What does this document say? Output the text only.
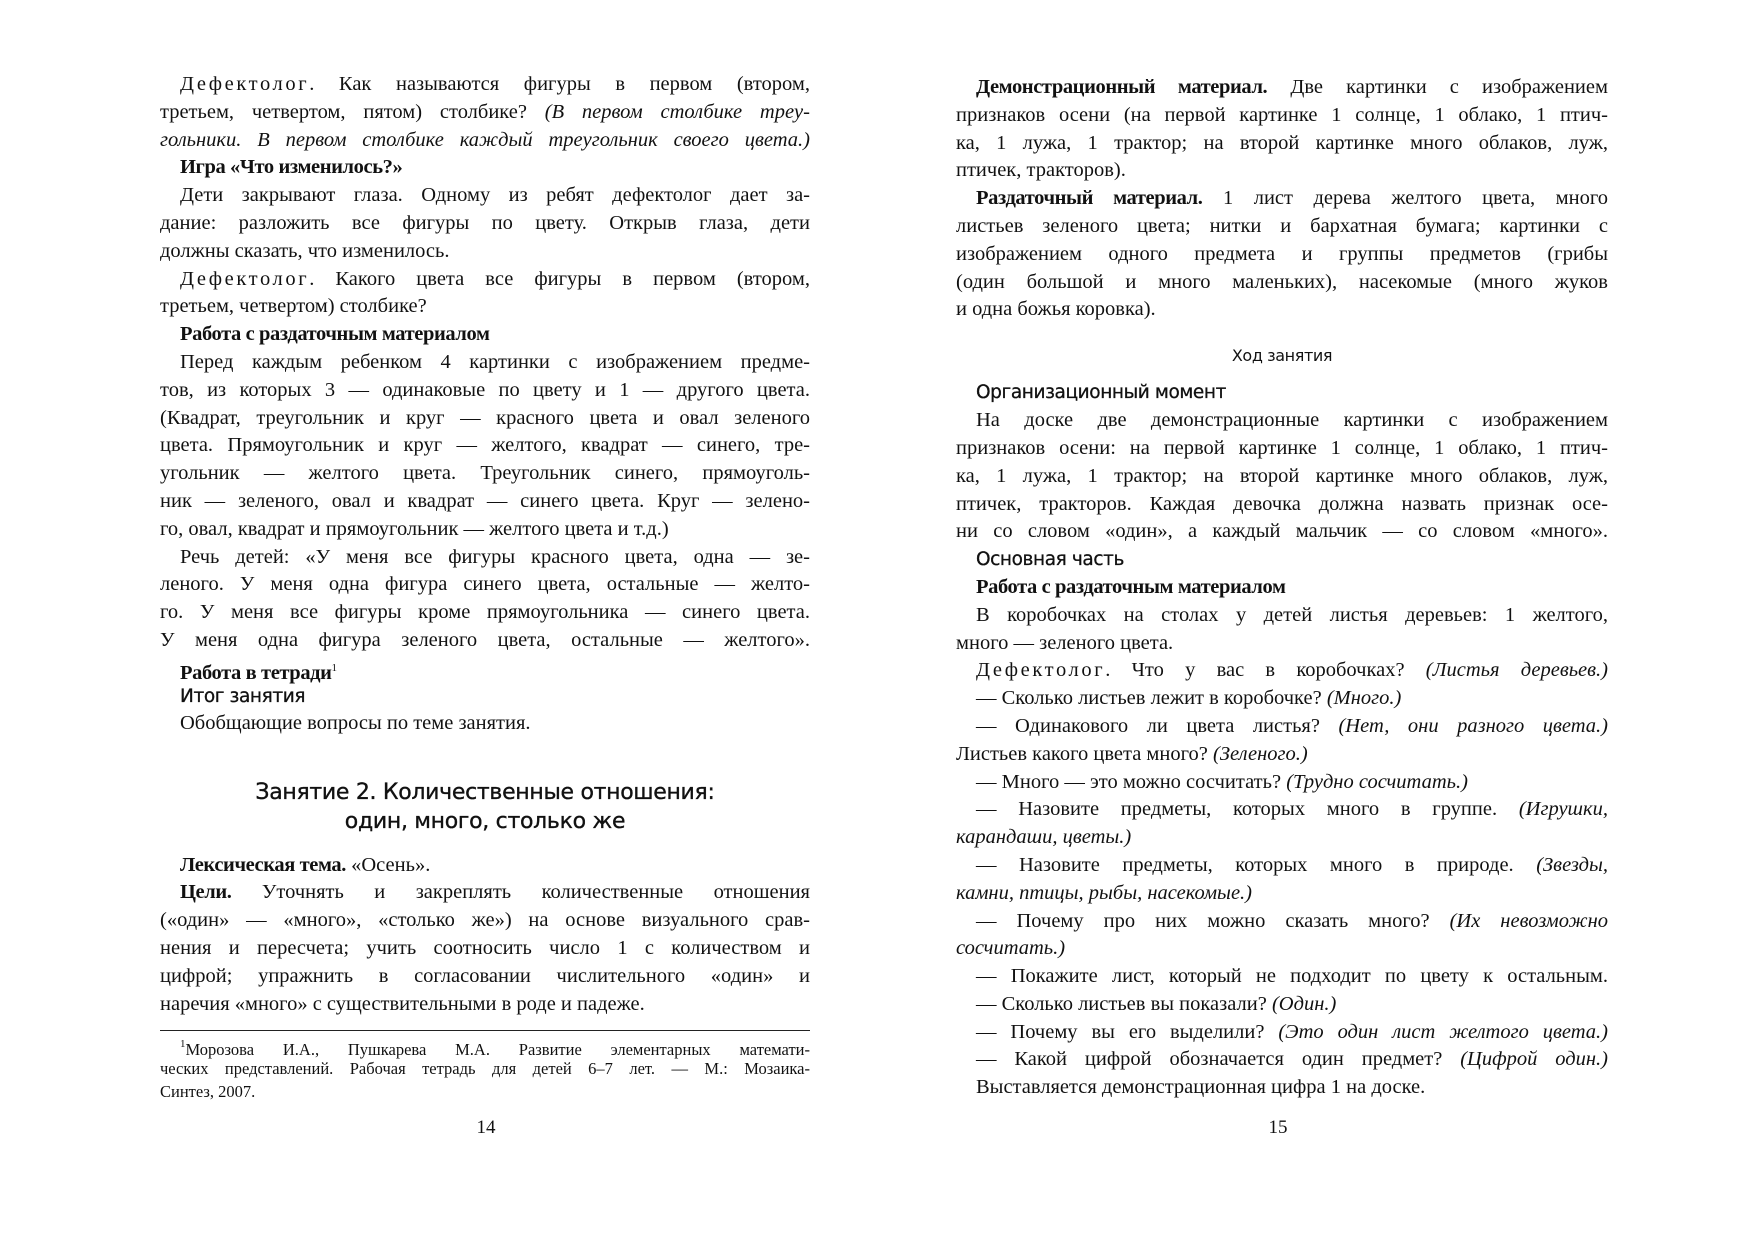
Дефектолог. Как называются фигуры в первом (втором,
третьем, четвертом, пятом) столбике? (В первом столбике треу-
гольники. В первом столбике каждый треугольник своего цвета.)
Игра «Что изменилось?»
Дети закрывают глаза. Одному из ребят дефектолог дает за-
дание: разложить все фигуры по цвету. Открыв глаза, дети
должны сказать, что изменилось.
Дефектолог. Какого цвета все фигуры в первом (втором,
третьем, четвертом) столбике?
Работа с раздаточным материалом
Перед каждым ребенком 4 картинки с изображением предме-
тов, из которых 3 — одинаковые по цвету и 1 — другого цвета.
(Квадрат, треугольник и круг — красного цвета и овал зеленого
цвета. Прямоугольник и круг — желтого, квадрат — синего, тре-
угольник — желтого цвета. Треугольник синего, прямоуголь-
ник — зеленого, овал и квадрат — синего цвета. Круг — зелено-
го, овал, квадрат и прямоугольник — желтого цвета и т.д.)
Речь детей: «У меня все фигуры красного цвета, одна — зе-
леного. У меня одна фигура синего цвета, остальные — желто-
го. У меня все фигуры кроме прямоугольника — синего цвета.
У меня одна фигура зеленого цвета, остальные — желтого».
Работа в тетради$^1$
Итог занятия
Обобщающие вопросы по теме занятия.
Занятие 2. Количественные отношения:
один, много, столько же
Лексическая тема. «Осень».
Цели. Уточнять и закреплять количественные отношения
(«один» — «много», «столько же») на основе визуального срав-
нения и пересчета; учить соотносить число 1 с количеством и
цифрой; упражнить в согласовании числительного «один» и
наречия «много» с существительными в роде и падеже.
$^1$Морозова И.А., Пушкарева М.А. Развитие элементарных математи-
ческих представлений. Рабочая тетрадь для детей 6–7 лет. — М.: Мозаика-
Синтез, 2007.
14
Демонстрационный материал. Две картинки с изображением
признаков осени (на первой картинке 1 солнце, 1 облако, 1 птич-
ка, 1 лужа, 1 трактор; на второй картинке много облаков, луж,
птичек, тракторов).
Раздаточный материал. 1 лист дерева желтого цвета, много
листьев зеленого цвета; нитки и бархатная бумага; картинки с
изображением одного предмета и группы предметов (грибы
(один большой и много маленьких), насекомые (много жуков
и одна божья коровка).
Ход занятия
Организационный момент
На доске две демонстрационные картинки с изображением
признаков осени: на первой картинке 1 солнце, 1 облако, 1 птич-
ка, 1 лужа, 1 трактор; на второй картинке много облаков, луж,
птичек, тракторов. Каждая девочка должна назвать признак осе-
ни со словом «один», а каждый мальчик — со словом «много».
Основная часть
Работа с раздаточным материалом
В коробочках на столах у детей листья деревьев: 1 желтого,
много — зеленого цвета.
Дефектолог. Что у вас в коробочках? (Листья деревьев.)
— Сколько листьев лежит в коробочке? (Много.)
— Одинакового ли цвета листья? (Нет, они разного цвета.)
Листьев какого цвета много? (Зеленого.)
— Много — это можно сосчитать? (Трудно сосчитать.)
— Назовите предметы, которых много в группе. (Игрушки,
карандаши, цветы.)
— Назовите предметы, которых много в природе. (Звезды,
камни, птицы, рыбы, насекомые.)
— Почему про них можно сказать много? (Их невозможно
сосчитать.)
— Покажите лист, который не подходит по цвету к остальным.
— Сколько листьев вы показали? (Один.)
— Почему вы его выделили? (Это один лист желтого цвета.)
— Какой цифрой обозначается один предмет? (Цифрой один.)
Выставляется демонстрационная цифра 1 на доске.
15
